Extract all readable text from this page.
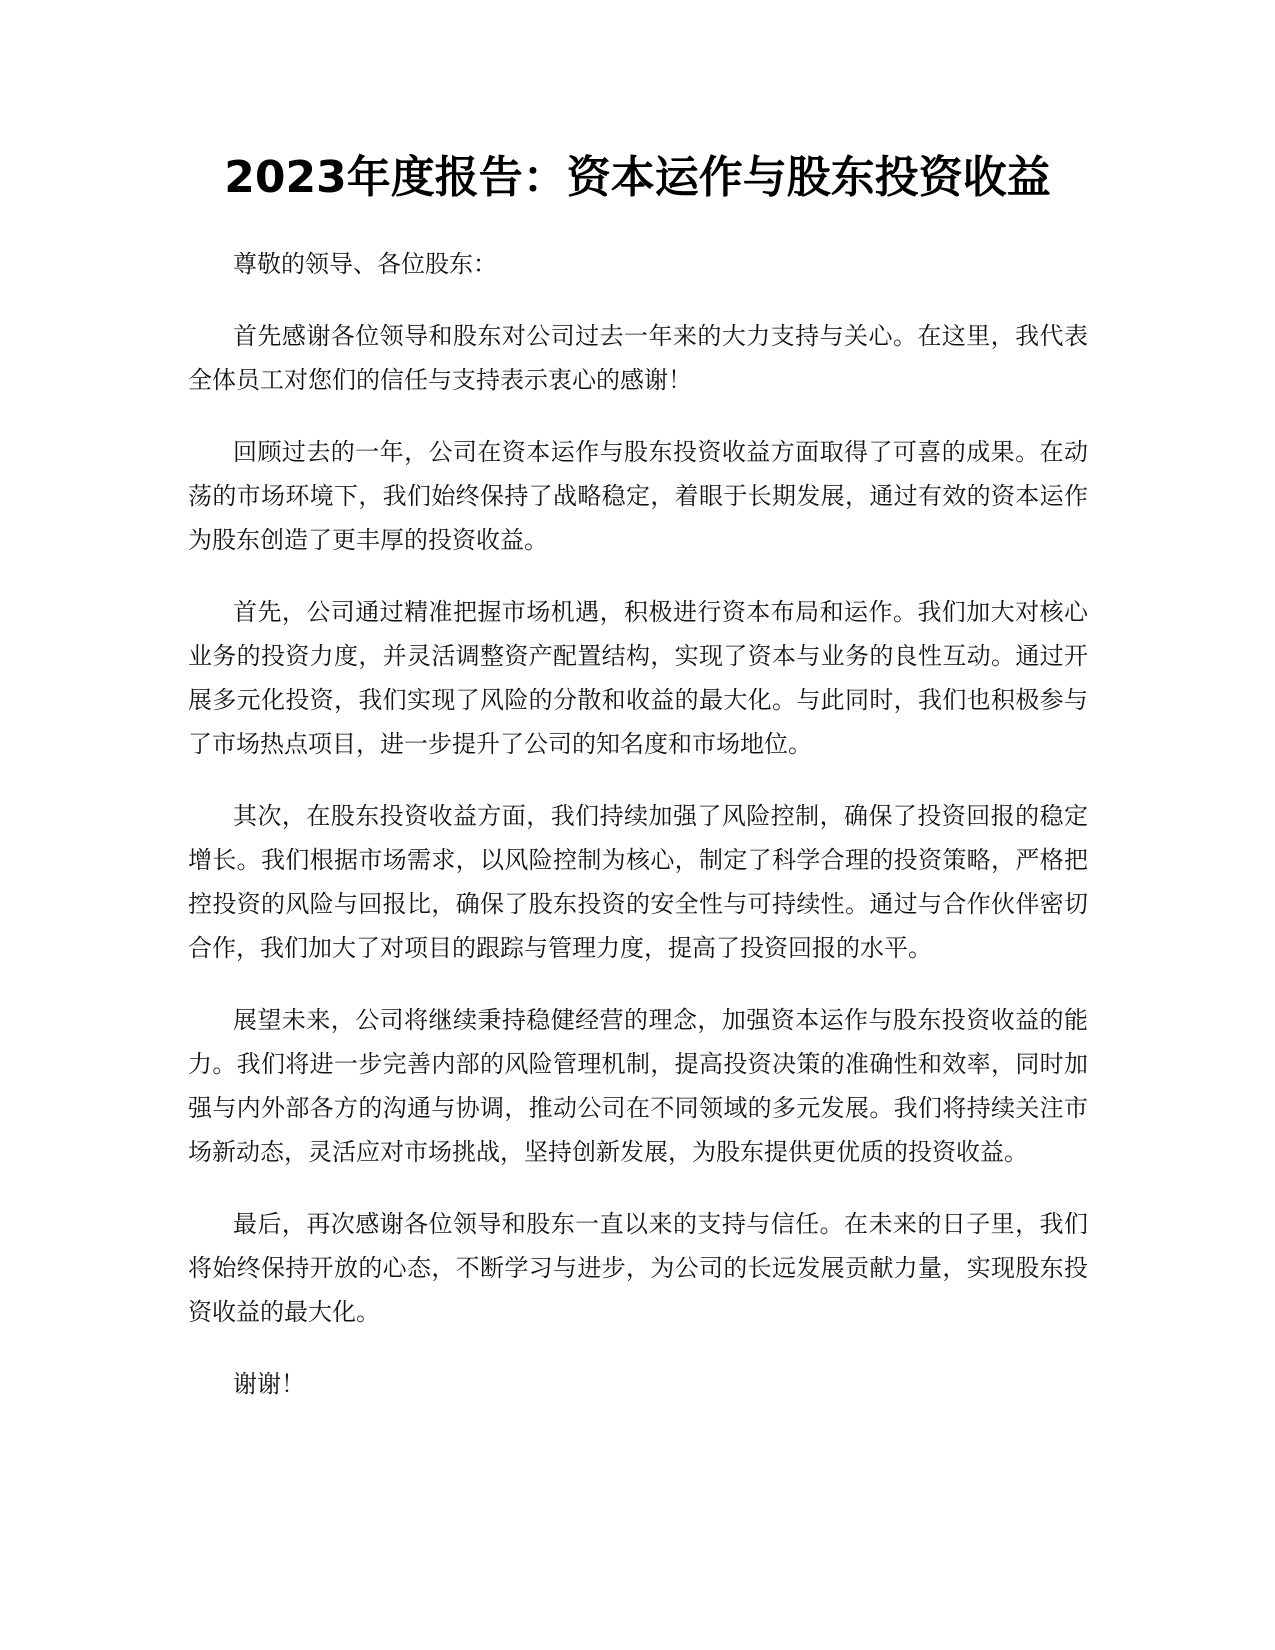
2023年度报告：资本运作与股东投资收益

尊敬的领导、各位股东：

首先感谢各位领导和股东对公司过去一年来的大力支持与关心。在这里，我代表全体员工对您们的信任与支持表示衷心的感谢！

回顾过去的一年，公司在资本运作与股东投资收益方面取得了可喜的成果。在动荡的市场环境下，我们始终保持了战略稳定，着眼于长期发展，通过有效的资本运作为股东创造了更丰厚的投资收益。

首先，公司通过精准把握市场机遇，积极进行资本布局和运作。我们加大对核心业务的投资力度，并灵活调整资产配置结构，实现了资本与业务的良性互动。通过开展多元化投资，我们实现了风险的分散和收益的最大化。与此同时，我们也积极参与了市场热点项目，进一步提升了公司的知名度和市场地位。

其次，在股东投资收益方面，我们持续加强了风险控制，确保了投资回报的稳定增长。我们根据市场需求，以风险控制为核心，制定了科学合理的投资策略，严格把控投资的风险与回报比，确保了股东投资的安全性与可持续性。通过与合作伙伴密切合作，我们加大了对项目的跟踪与管理力度，提高了投资回报的水平。

展望未来，公司将继续秉持稳健经营的理念，加强资本运作与股东投资收益的能力。我们将进一步完善内部的风险管理机制，提高投资决策的准确性和效率，同时加强与内外部各方的沟通与协调，推动公司在不同领域的多元发展。我们将持续关注市场新动态，灵活应对市场挑战，坚持创新发展，为股东提供更优质的投资收益。

最后，再次感谢各位领导和股东一直以来的支持与信任。在未来的日子里，我们将始终保持开放的心态，不断学习与进步，为公司的长远发展贡献力量，实现股东投资收益的最大化。

谢谢！
